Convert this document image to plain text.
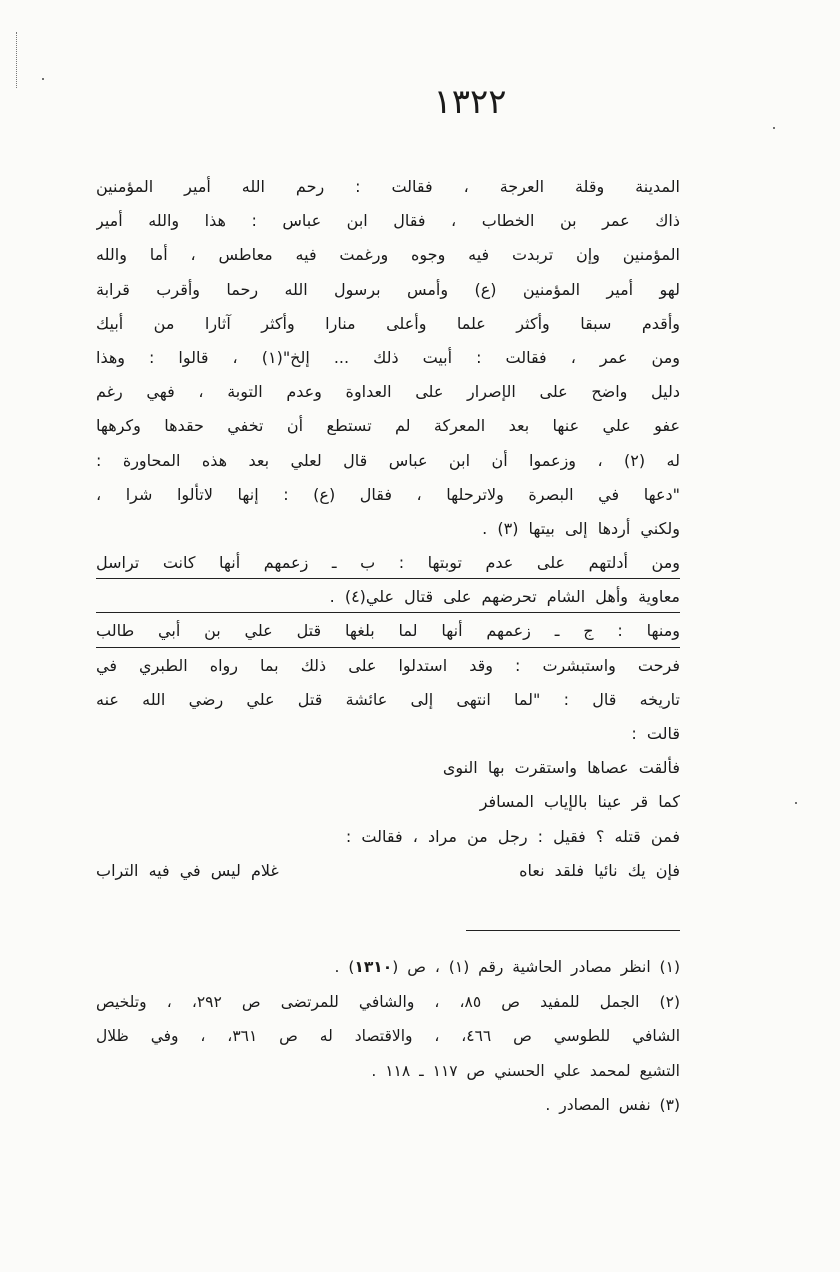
١٣٢٢
المدينة وقلة العرجة ، فقالت : رحم الله أمير المؤمنين
ذاك عمر بن الخطاب ، فقال ابن عباس : هذا والله أمير
المؤمنين وإن تربدت فيه وجوه ورغمت فيه معاطس ، أما والله
لهو أمير المؤمنين (ع) وأمس برسول الله رحما وأقرب قرابة
وأقدم سبقا وأكثر علما وأعلى منارا وأكثر آثارا من أبيك
ومن عمر ، فقالت : أبيت ذلك ... إلخ"(١) ، قالوا : وهذا
دليل واضح على الإصرار على العداوة وعدم التوبة ، فهي رغم
عفو علي عنها بعد المعركة لم تستطع أن تخفي حقدها وكرهها
له (٢) ، وزعموا أن ابن عباس قال لعلي بعد هذه المحاورة :
"دعها في البصرة ولاترحلها ، فقال (ع) : إنها لاتألوا شرا ،
ولكني أردها إلى بيتها (٣) .
ومن أدلتهم على عدم توبتها : ب ـ زعمهم أنها كانت تراسل
معاوية وأهل الشام تحرضهم على قتال علي(٤) .
ومنها : ج ـ زعمهم أنها لما بلغها قتل علي بن أبي طالب
فرحت واستبشرت : وقد استدلوا على ذلك بما رواه الطبري في
تاريخه قال : "لما انتهى إلى عائشة قتل علي رضي الله عنه
قالت :
فألقت عصاها واستقرت بها النوى
كما قر عينا بالإياب المسافر
فمن قتله ؟ فقيل : رجل من مراد ، فقالت :
فإن يك نائيا فلقد نعاه
غلام ليس في فيه التراب
(١) انظر مصادر الحاشية رقم (١) ، ص (١٣١٠) .
(٢) الجمل للمفيد ص ٨٥، ، والشافي للمرتضى ص ٢٩٢، ، وتلخيص
الشافي للطوسي ص ٤٦٦، ، والاقتصاد له ص ٣٦١، ، وفي ظلال
التشيع لمحمد علي الحسني ص ١١٧ ـ ١١٨ .
(٣) نفس المصادر .
